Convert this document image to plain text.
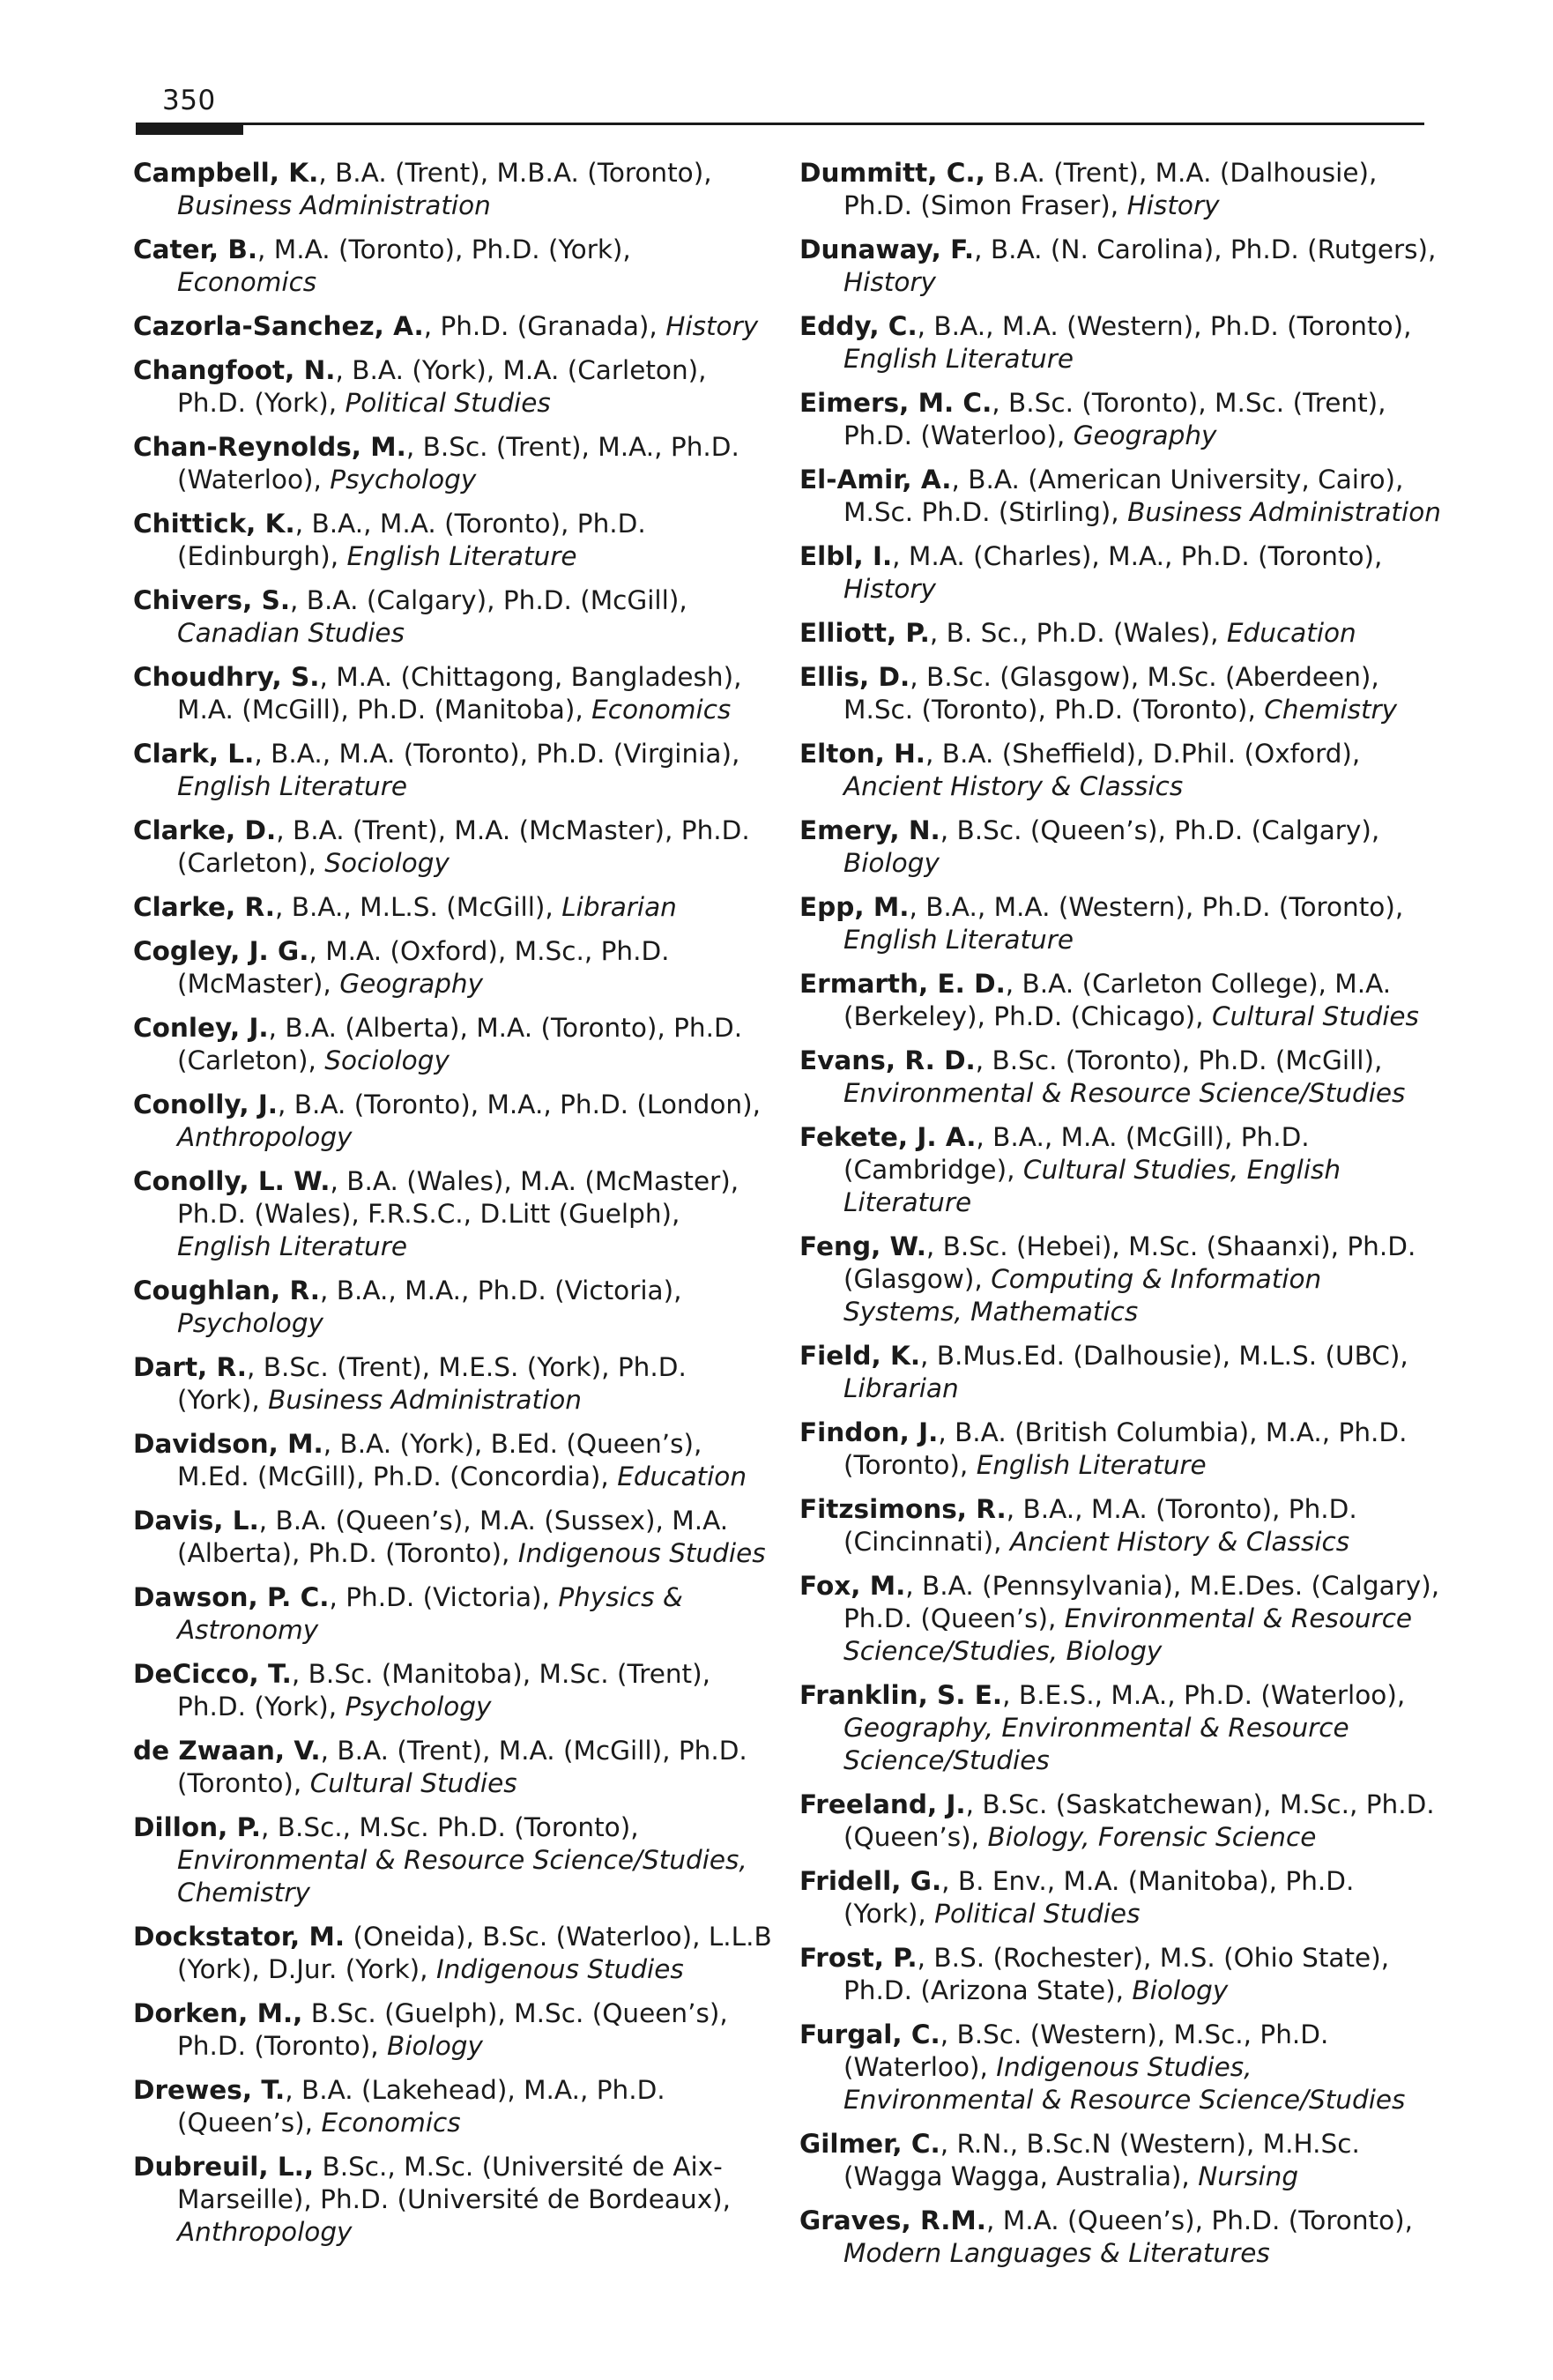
350

Campbell, K., B.A. (Trent), M.B.A. (Toronto), Business Administration

Cater, B., M.A. (Toronto), Ph.D. (York), Economics

Cazorla-Sanchez, A., Ph.D. (Granada), History

Changfoot, N., B.A. (York), M.A. (Carleton), Ph.D. (York), Political Studies

Chan-Reynolds, M., B.Sc. (Trent), M.A., Ph.D. (Waterloo), Psychology

Chittick, K., B.A., M.A. (Toronto), Ph.D. (Edinburgh), English Literature

Chivers, S., B.A. (Calgary), Ph.D. (McGill), Canadian Studies

Choudhry, S., M.A. (Chittagong, Bangladesh), M.A. (McGill), Ph.D. (Manitoba), Economics

Clark, L., B.A., M.A. (Toronto), Ph.D. (Virginia), English Literature

Clarke, D., B.A. (Trent), M.A. (McMaster), Ph.D. (Carleton), Sociology

Clarke, R., B.A., M.L.S. (McGill), Librarian

Cogley, J. G., M.A. (Oxford), M.Sc., Ph.D. (McMaster), Geography

Conley, J., B.A. (Alberta), M.A. (Toronto), Ph.D. (Carleton), Sociology

Conolly, J., B.A. (Toronto), M.A., Ph.D. (London), Anthropology

Conolly, L. W., B.A. (Wales), M.A. (McMaster), Ph.D. (Wales), F.R.S.C., D.Litt (Guelph), English Literature

Coughlan, R., B.A., M.A., Ph.D. (Victoria), Psychology

Dart, R., B.Sc. (Trent), M.E.S. (York), Ph.D. (York), Business Administration

Davidson, M., B.A. (York), B.Ed. (Queen’s), M.Ed. (McGill), Ph.D. (Concordia), Education

Davis, L., B.A. (Queen’s), M.A. (Sussex), M.A. (Alberta), Ph.D. (Toronto), Indigenous Studies

Dawson, P. C., Ph.D. (Victoria), Physics & Astronomy

DeCicco, T., B.Sc. (Manitoba), M.Sc. (Trent), Ph.D. (York), Psychology

de Zwaan, V., B.A. (Trent), M.A. (McGill), Ph.D. (Toronto), Cultural Studies

Dillon, P., B.Sc., M.Sc. Ph.D. (Toronto), Environmental & Resource Science/Studies, Chemistry

Dockstator, M. (Oneida), B.Sc. (Waterloo), L.L.B (York), D.Jur. (York), Indigenous Studies

Dorken, M., B.Sc. (Guelph), M.Sc. (Queen’s), Ph.D. (Toronto), Biology

Drewes, T., B.A. (Lakehead), M.A., Ph.D. (Queen’s), Economics

Dubreuil, L., B.Sc., M.Sc. (Université de Aix-Marseille), Ph.D. (Université de Bordeaux), Anthropology

Dummitt, C., B.A. (Trent), M.A. (Dalhousie), Ph.D. (Simon Fraser), History

Dunaway, F., B.A. (N. Carolina), Ph.D. (Rutgers), History

Eddy, C., B.A., M.A. (Western), Ph.D. (Toronto), English Literature

Eimers, M. C., B.Sc. (Toronto), M.Sc. (Trent), Ph.D. (Waterloo), Geography

El-Amir, A., B.A. (American University, Cairo), M.Sc. Ph.D. (Stirling), Business Administration

Elbl, I., M.A. (Charles), M.A., Ph.D. (Toronto), History

Elliott, P., B. Sc., Ph.D. (Wales), Education

Ellis, D., B.Sc. (Glasgow), M.Sc. (Aberdeen), M.Sc. (Toronto), Ph.D. (Toronto), Chemistry

Elton, H., B.A. (Sheffield), D.Phil. (Oxford), Ancient History & Classics

Emery, N., B.Sc. (Queen’s), Ph.D. (Calgary), Biology

Epp, M., B.A., M.A. (Western), Ph.D. (Toronto), English Literature

Ermarth, E. D., B.A. (Carleton College), M.A. (Berkeley), Ph.D. (Chicago), Cultural Studies

Evans, R. D., B.Sc. (Toronto), Ph.D. (McGill), Environmental & Resource Science/Studies

Fekete, J. A., B.A., M.A. (McGill), Ph.D. (Cambridge), Cultural Studies, English Literature

Feng, W., B.Sc. (Hebei), M.Sc. (Shaanxi), Ph.D. (Glasgow), Computing & Information Systems, Mathematics

Field, K., B.Mus.Ed. (Dalhousie), M.L.S. (UBC), Librarian

Findon, J., B.A. (British Columbia), M.A., Ph.D. (Toronto), English Literature

Fitzsimons, R., B.A., M.A. (Toronto), Ph.D. (Cincinnati), Ancient History & Classics

Fox, M., B.A. (Pennsylvania), M.E.Des. (Calgary), Ph.D. (Queen’s), Environmental & Resource Science/Studies, Biology

Franklin, S. E., B.E.S., M.A., Ph.D. (Waterloo), Geography, Environmental & Resource Science/Studies

Freeland, J., B.Sc. (Saskatchewan), M.Sc., Ph.D. (Queen’s), Biology, Forensic Science

Fridell, G., B. Env., M.A. (Manitoba), Ph.D. (York), Political Studies

Frost, P., B.S. (Rochester), M.S. (Ohio State), Ph.D. (Arizona State), Biology

Furgal, C., B.Sc. (Western), M.Sc., Ph.D. (Waterloo), Indigenous Studies, Environmental & Resource Science/Studies

Gilmer, C., R.N., B.Sc.N (Western), M.H.Sc. (Wagga Wagga, Australia), Nursing

Graves, R.M., M.A. (Queen’s), Ph.D. (Toronto), Modern Languages & Literatures
